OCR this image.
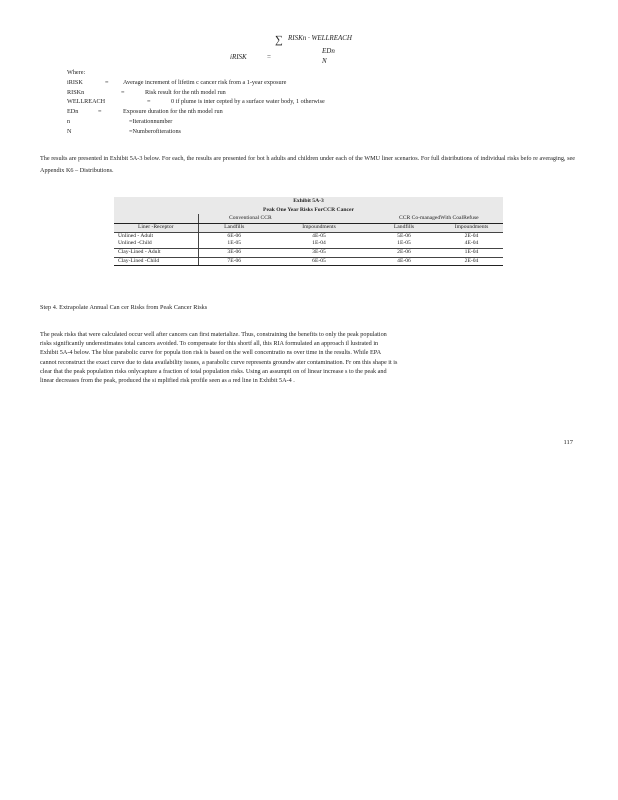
∑ RISKn · WELLREACH
iRISK	=
EDn
N
Where:
iRISK	= Average increment of lifetim c cancer risk from a 1-year exposure
RISKn	=	Risk result for the nth model run
WELLREACH	=	0 if plume is inter cepted by a surface water body, 1 otherwise
EDn	=	Exposure duration for the nth model run
n	=Iterationnumber
N	=Numberofiterations

The results are presented in Exhibit 5A-3 below. For each, the results are presented for bot h adults and children under each of the WMU liner scenarios. For full distributions of individual risks befo re averaging, see Appendix K6 – Distributions.

Exhibit 5A-3
Peak One Year Risks ForCCR Cancer
Conventional CCR	CCR Co-managedWith CoalRefuse
Liner -Receptor	Landfills	Impoundments	Landfills	Impoundments
Unlined - Adult	6E-06	4E-05	5E-06	2E-04
Unlined -Child	1E-05	1E-04	1E-05	4E-04
Clay-Lined - Adult	3E-06	3E-05	2E-06	1E-04
Clay-Lined -Child	7E-06	6E-05	4E-06	2E-04
Step 4. Extrapolate Annual Can cer Risks from Peak Cancer Risks

The peak risks that were calculated occur well after cancers can first materialize. Thus, constraining the benefits to only the peak population

risks significantly underestimates total cancers avoided. To compensate for this shortf all, this RIA formulated an approach il lustrated in

Exhibit 5A-4 below. The blue parabolic curve for popula tion risk is based on the well concentratio ns over time in the results. While EPA

cannot reconstruct the exact curve due to data availability issues, a parabolic curve represents groundw ater contamination. Fr om this shape it is

clear that the peak population risks onlycapture a fraction of total population risks. Using an assumpti on of linear increase s to the peak and

linear decreases from the peak, produced the si mplified risk profile seen as a red line in Exhibit 5A-4 .

117
